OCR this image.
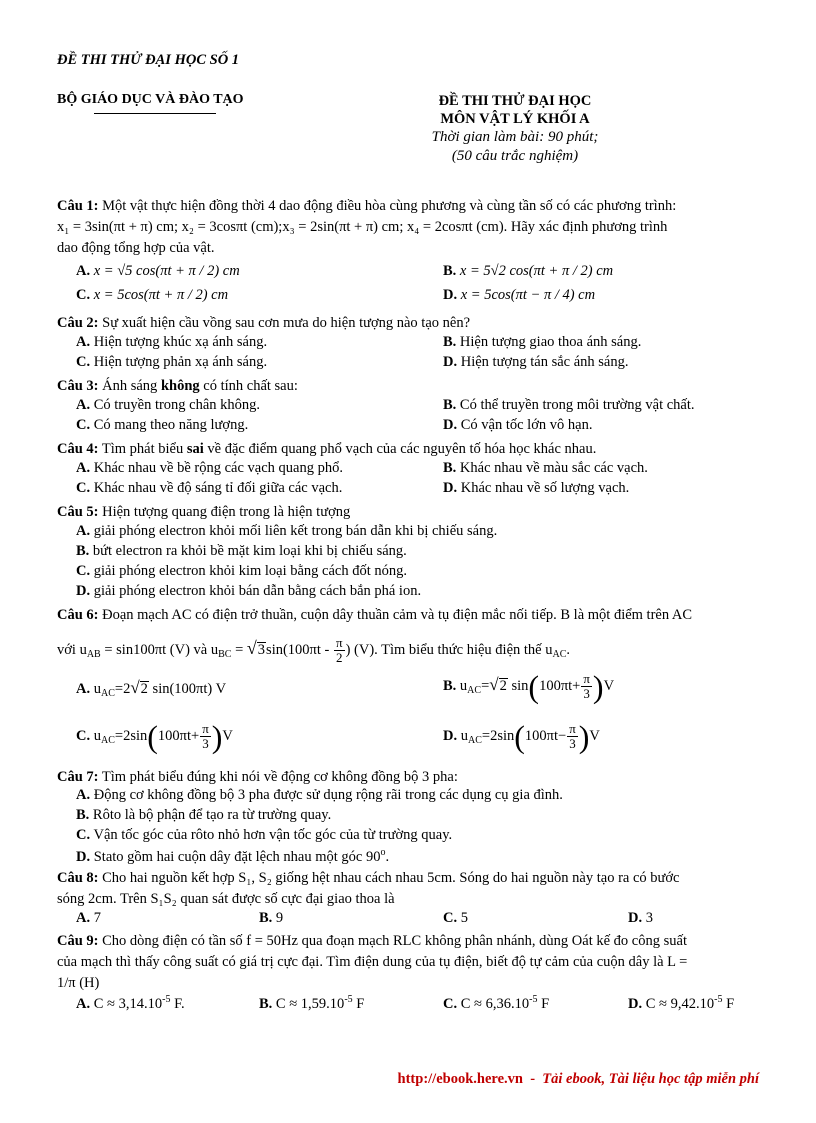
ĐỀ THI THỬ ĐẠI HỌC SỐ 1
BỘ GIÁO DỤC VÀ ĐÀO TẠO	ĐỀ THI THỬ ĐẠI HỌC
MÔN VẬT LÝ KHỐI A
Thời gian làm bài: 90 phút;
(50 câu trắc nghiệm)
Câu 1: Một vật thực hiện đồng thời 4 dao động điều hòa cùng phương và cùng tần số có các phương trình:
x₁ = 3sin(πt + π) cm; x₂ = 3cosπt (cm);x₃ = 2sin(πt + π) cm; x₄ = 2cosπt (cm). Hãy xác định phương trình
dao động tổng hợp của vật.
A. x = √5 cos(πt + π / 2) cm	B. x = 5√2 cos(πt + π / 2) cm
C. x = 5cos(πt + π / 2) cm	D. x = 5cos(πt − π / 4) cm
Câu 2: Sự xuất hiện cầu vồng sau cơn mưa do hiện tượng nào tạo nên?
A. Hiện tượng khúc xạ ánh sáng.	B. Hiện tượng giao thoa ánh sáng.
C. Hiện tượng phản xạ ánh sáng.	D. Hiện tượng tán sắc ánh sáng.
Câu 3: Ánh sáng không có tính chất sau:
A. Có truyền trong chân không.	B. Có thể truyền trong môi trường vật chất.
C. Có mang theo năng lượng.	D. Có vận tốc lớn vô hạn.
Câu 4: Tìm phát biểu sai về đặc điểm quang phổ vạch của các nguyên tố hóa học khác nhau.
A. Khác nhau về bề rộng các vạch quang phổ.	B. Khác nhau về màu sắc các vạch.
C. Khác nhau về độ sáng tỉ đối giữa các vạch.	D. Khác nhau về số lượng vạch.
Câu 5: Hiện tượng quang điện trong là hiện tượng
A. giải phóng electron khỏi mối liên kết trong bán dẫn khi bị chiếu sáng.
B. bứt electron ra khỏi bề mặt kim loại khi bị chiếu sáng.
C. giải phóng electron khỏi kim loại bằng cách đốt nóng.
D. giải phóng electron khỏi bán dẫn bằng cách bắn phá ion.
Câu 6: Đoạn mạch AC có điện trở thuần, cuộn dây thuần cảm và tụ điện mắc nối tiếp. B là một điểm trên AC
với $u_{AB} = \sin 100\pi t$ (V) và $u_{BC} = √3\sin(100\pi t - \frac{\pi}{2}$ ) (V). Tìm biểu thức hiệu điện thế $u_{AC}$.
A. $u_{AC}=2√2$ sin(100πt) V	B. $u_{AC}=√2$ $\sin(100\pi t+ \frac{\pi}{3} )V$
C. $u_{AC}=2\sin(100\pi t+ \frac{\pi}{3} )V$	D. $u_{AC}=2\sin(100\pi t- \frac{\pi}{3} )V$
Câu 7: Tìm phát biểu đúng khi nói về động cơ không đồng bộ 3 pha:
A. Động cơ không đồng bộ 3 pha được sử dụng rộng rãi trong các dụng cụ gia đình.
B. Rôto là bộ phận để tạo ra từ trường quay.
C. Vận tốc góc của rôto nhỏ hơn vận tốc góc của từ trường quay.
D. Stato gồm hai cuộn dây đặt lệch nhau một góc 90$^o$.
Câu 8: Cho hai nguồn kết hợp S₁, S₂ giống hệt nhau cách nhau 5cm. Sóng do hai nguồn này tạo ra có bước
sóng 2cm. Trên S₁S₂ quan sát được số cực đại giao thoa là
A. 7	B. 9	C. 5	D. 3
Câu 9: Cho dòng điện có tần số f = 50Hz qua đoạn mạch RLC không phân nhánh, dùng Oát kế đo công suất
của mạch thì thấy công suất có giá trị cực đại. Tìm điện dung của tụ điện, biết độ tự cảm của cuộn dây là L =
1/π (H)
A. $C \approx 3,14.10^{-5}$ F.	B. $C \approx 1,59.10^{-5}$ F	C. $C \approx 6,36.10^{-5}$ F	D. $C \approx 9,42.10^{-5}$ F

http://ebook.here.vn  -  Tải ebook, Tài liệu học tập miễn phí
